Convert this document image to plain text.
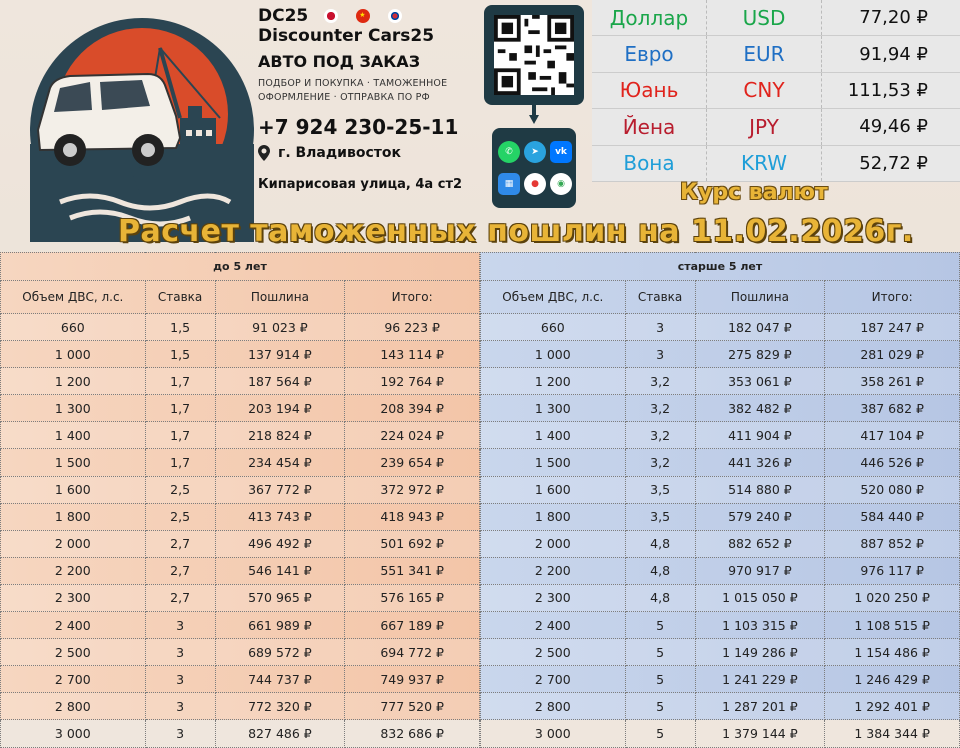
DC25	★
Discounter Cars25
АВТО ПОД ЗАКАЗ
ПОДБОР И ПОКУПКА · ТАМОЖЕННОЕ
ОФОРМЛЕНИЕ · ОТПРАВКА ПО РФ
+7 924 230-25-11
г. Владивосток
Кипарисовая улица, 4а ст2
✆	➤	vk
▦	●	◉
Доллар	USD	77,20 ₽
Евро	EUR	91,94 ₽
Юань	CNY	111,53 ₽
Йена	JPY	49,46 ₽
Вона	KRW	52,72 ₽
Курс валют
Расчет таможенных пошлин на 11.02.2026г.
до 5 лет			
Объем ДВС, л.с.	Ставка	Пошлина	Итого:
660	1,5	91 023 ₽	96 223 ₽
1 000	1,5	137 914 ₽	143 114 ₽
1 200	1,7	187 564 ₽	192 764 ₽
1 300	1,7	203 194 ₽	208 394 ₽
1 400	1,7	218 824 ₽	224 024 ₽
1 500	1,7	234 454 ₽	239 654 ₽
1 600	2,5	367 772 ₽	372 972 ₽
1 800	2,5	413 743 ₽	418 943 ₽
2 000	2,7	496 492 ₽	501 692 ₽
2 200	2,7	546 141 ₽	551 341 ₽
2 300	2,7	570 965 ₽	576 165 ₽
2 400	3	661 989 ₽	667 189 ₽
2 500	3	689 572 ₽	694 772 ₽
2 700	3	744 737 ₽	749 937 ₽
2 800	3	772 320 ₽	777 520 ₽
3 000	3	827 486 ₽	832 686 ₽
старше 5 лет			
Объем ДВС, л.с.	Ставка	Пошлина	Итого:
660	3	182 047 ₽	187 247 ₽
1 000	3	275 829 ₽	281 029 ₽
1 200	3,2	353 061 ₽	358 261 ₽
1 300	3,2	382 482 ₽	387 682 ₽
1 400	3,2	411 904 ₽	417 104 ₽
1 500	3,2	441 326 ₽	446 526 ₽
1 600	3,5	514 880 ₽	520 080 ₽
1 800	3,5	579 240 ₽	584 440 ₽
2 000	4,8	882 652 ₽	887 852 ₽
2 200	4,8	970 917 ₽	976 117 ₽
2 300	4,8	1 015 050 ₽	1 020 250 ₽
2 400	5	1 103 315 ₽	1 108 515 ₽
2 500	5	1 149 286 ₽	1 154 486 ₽
2 700	5	1 241 229 ₽	1 246 429 ₽
2 800	5	1 287 201 ₽	1 292 401 ₽
3 000	5	1 379 144 ₽	1 384 344 ₽
